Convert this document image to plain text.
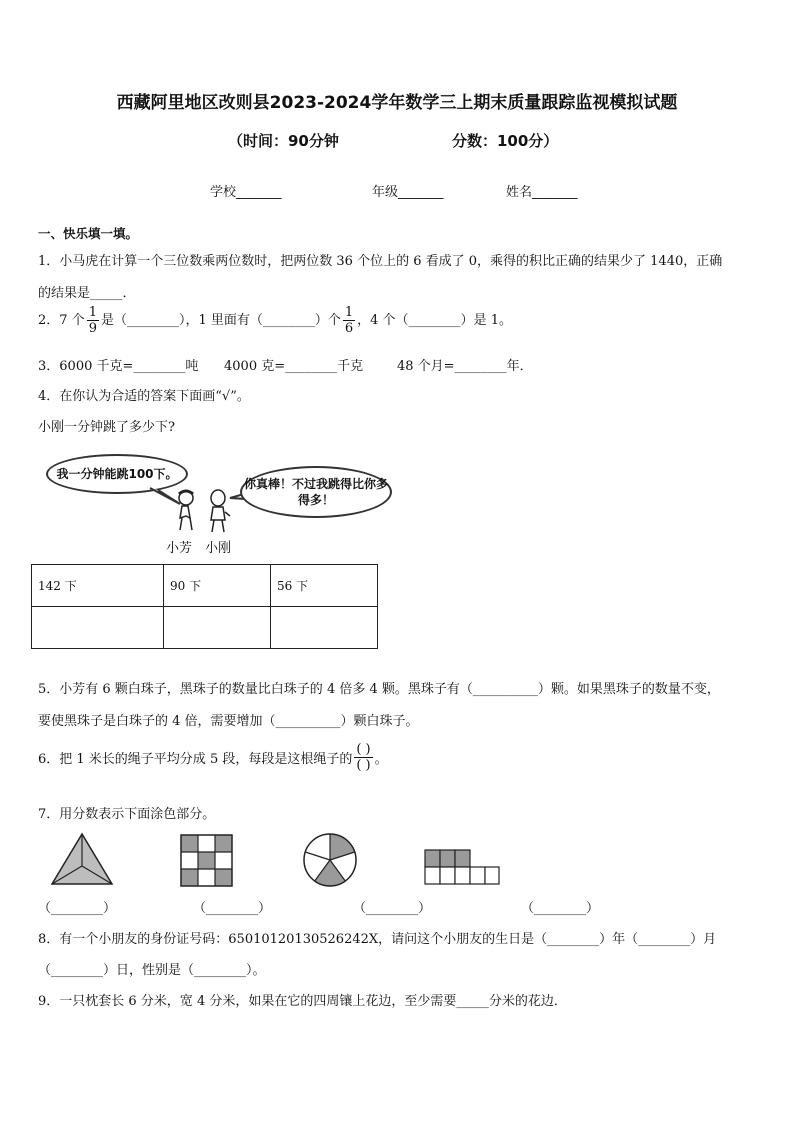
西藏阿里地区改则县2023-2024学年数学三上期末质量跟踪监视模拟试题
（时间：90分钟	分数：100分）
学校_______	年级_______	姓名_______
一、快乐填一填。
1．小马虎在计算一个三位数乘两位数时，把两位数 36 个位上的 6 看成了 0，乘得的积比正确的结果少了 1440，正确
的结果是_____．
2．7 个 $\frac{1}{9}$ 是（________），1 里面有（________）个 $\frac{1}{6}$ ，4 个（________）是 1。
3．6000 千克=________吨 4000 克=________千克	48 个月=________年．
4．在你认为合适的答案下面画“√”。
小刚一分钟跳了多少下?
我一分钟能跳100下。
你真棒！不过我跳得比你多得多！
小芳 小刚
142 下	90 下	56 下

5．小芳有 6 颗白珠子，黑珠子的数量比白珠子的 4 倍多 4 颗。黑珠子有（__________）颗。如果黑珠子的数量不变，
要使黑珠子是白珠子的 4 倍，需要增加（__________）颗白珠子。
6．把 1 米长的绳子平均分成 5 段，每段是这根绳子的 $\frac{( )}{( )}$ 。
7．用分数表示下面涂色部分。
（________）	（________）	（________）	（________）
8．有一个小朋友的身份证号码：650101201305262​42X，请问这个小朋友的生日是（________）年（________）月
（________）日，性别是（________）。
9．一只枕套长 6 分米，宽 4 分米，如果在它的四周镶上花边，至少需要_____分米的花边．
